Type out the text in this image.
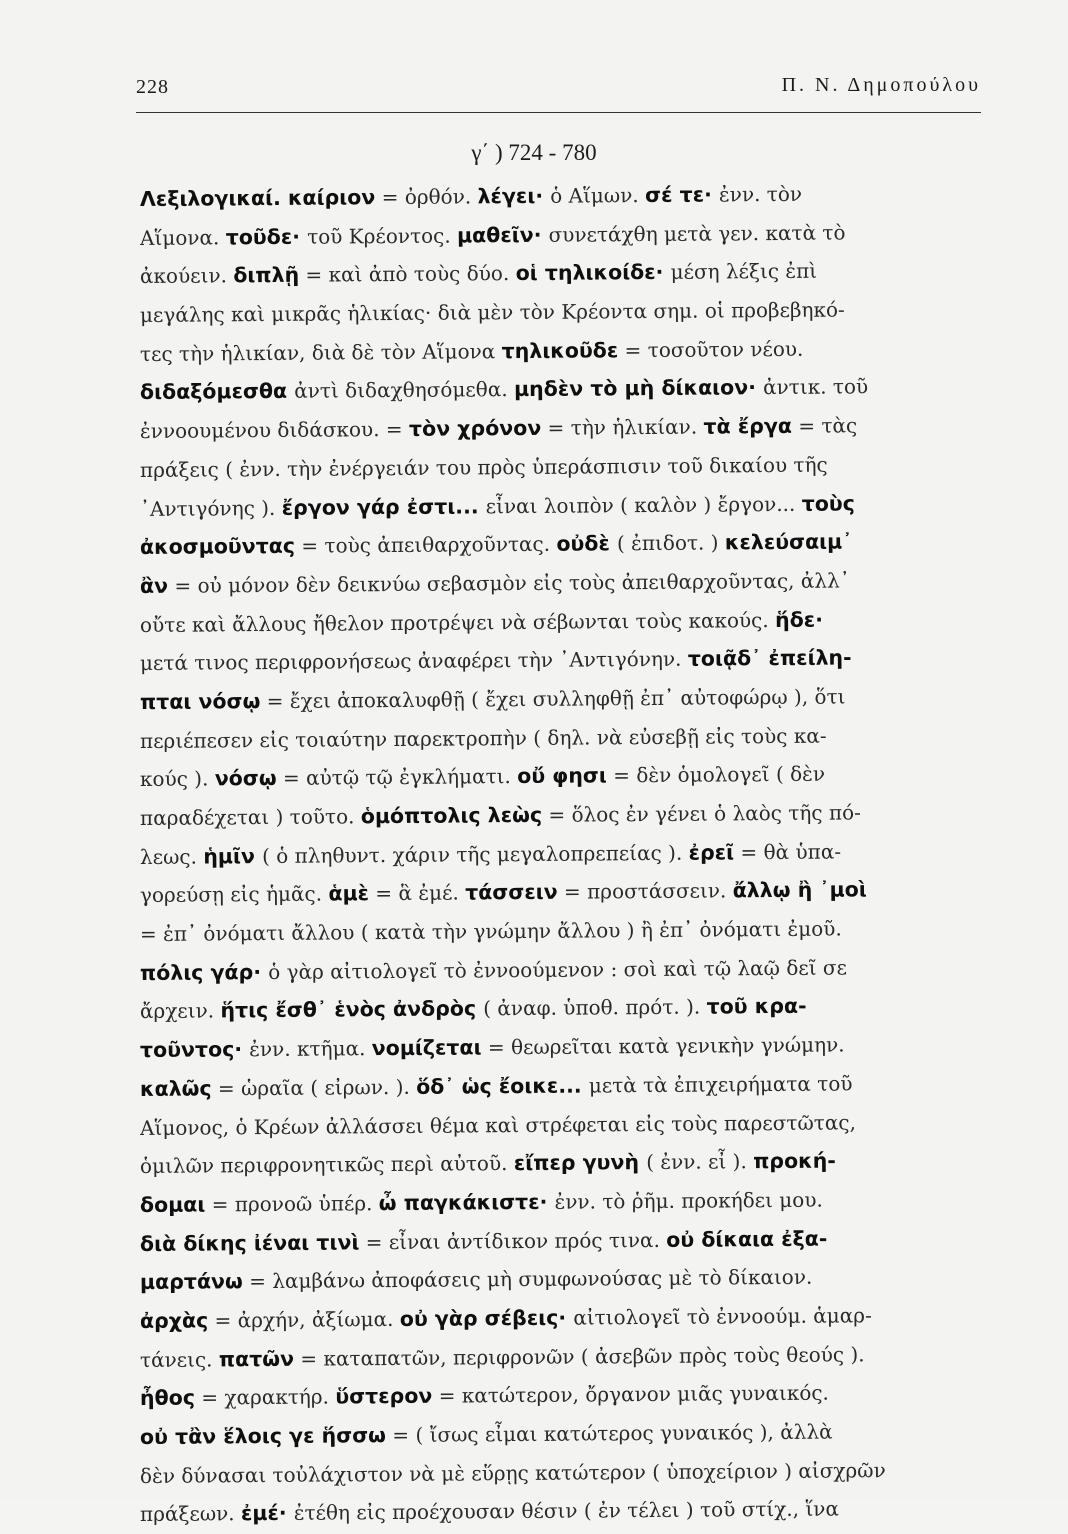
228	Π. Ν. Δημοπούλου
γ΄ ) 724 - 780
Λεξιλογικαί. καίριον = ὀρθόν. λέγει· ὁ Αἵμων. σέ τε· ἐνν. τὸν
Αἵμονα. τοῦδε· τοῦ Κρέοντος. μαθεῖν· συνετάχθη μετὰ γεν. κατὰ τὸ
ἀκούειν. διπλῇ = καὶ ἀπὸ τοὺς δύο. οἱ τηλικοίδε· μέση λέξις ἐπὶ
μεγάλης καὶ μικρᾶς ἡλικίας· διὰ μὲν τὸν Κρέοντα σημ. οἱ προβεβηκό-
τες τὴν ἡλικίαν, διὰ δὲ τὸν Αἵμονα τηλικοῦδε = τοσοῦτον νέου.
διδαξόμεσθα ἀντὶ διδαχθησόμεθα. μηδὲν τὸ μὴ δίκαιον· ἀντικ. τοῦ
ἐννοουμένου διδάσκου. = τὸν χρόνον = τὴν ἡλικίαν. τὰ ἔργα = τὰς
πράξεις ( ἐνν. τὴν ἐνέργειάν του πρὸς ὑπεράσπισιν τοῦ δικαίου τῆς
᾿Αντιγόνης ). ἔργον γάρ ἐστι... εἶναι λοιπὸν ( καλὸν ) ἔργον... τοὺς
ἀκοσμοῦντας = τοὺς ἀπειθαρχοῦντας. οὐδὲ ( ἐπιδοτ. ) κελεύσαιμ᾿
ἂν = οὐ μόνον δὲν δεικνύω σεβασμὸν εἰς τοὺς ἀπειθαρχοῦντας, ἀλλ᾿
οὔτε καὶ ἄλλους ἤθελον προτρέψει νὰ σέβωνται τοὺς κακούς. ἥδε·
μετά τινος περιφρονήσεως ἀναφέρει τὴν ᾿Αντιγόνην. τοιᾷδ᾿ ἐπείλη-
πται νόσῳ = ἔχει ἀποκαλυφθῇ ( ἔχει συλληφθῇ ἐπ᾿ αὐτοφώρῳ ), ὅτι
περιέπεσεν εἰς τοιαύτην παρεκτροπὴν ( δηλ. νὰ εὐσεβῇ εἰς τοὺς κα-
κούς ). νόσῳ = αὐτῷ τῷ ἐγκλήματι. οὔ φησι = δὲν ὁμολογεῖ ( δὲν
παραδέχεται ) τοῦτο. ὁμόπτολις λεὼς = ὅλος ἐν γένει ὁ λαὸς τῆς πό-
λεως. ἡμῖν ( ὁ πληθυντ. χάριν τῆς μεγαλοπρεπείας ). ἐρεῖ = θὰ ὑπα-
γορεύσῃ εἰς ἡμᾶς. ἁμὲ = ἃ ἐμέ. τάσσειν = προστάσσειν. ἄλλῳ ἢ ᾿μοὶ
= ἐπ᾿ ὀνόματι ἄλλου ( κατὰ τὴν γνώμην ἄλλου ) ἢ ἐπ᾿ ὀνόματι ἐμοῦ.
πόλις γάρ· ὁ γὰρ αἰτιολογεῖ τὸ ἐννοούμενον : σοὶ καὶ τῷ λαῷ δεῖ σε
ἄρχειν. ἥτις ἔσθ᾿ ἑνὸς ἀνδρὸς ( ἀναφ. ὑποθ. πρότ. ). τοῦ κρα-
τοῦντος· ἐνν. κτῆμα. νομίζεται = θεωρεῖται κατὰ γενικὴν γνώμην.
καλῶς = ὡραῖα ( εἰρων. ). ὅδ᾿ ὡς ἔοικε... μετὰ τὰ ἐπιχειρήματα τοῦ
Αἵμονος, ὁ Κρέων ἀλλάσσει θέμα καὶ στρέφεται εἰς τοὺς παρεστῶτας,
ὁμιλῶν περιφρονητικῶς περὶ αὐτοῦ. εἴπερ γυνὴ ( ἐνν. εἶ ). προκή-
δομαι = προνοῶ ὑπέρ. ὦ παγκάκιστε· ἐνν. τὸ ῥῆμ. προκήδει μου.
διὰ δίκης ἰέναι τινὶ = εἶναι ἀντίδικον πρός τινα. οὐ δίκαια ἐξα-
μαρτάνω = λαμβάνω ἀποφάσεις μὴ συμφωνούσας μὲ τὸ δίκαιον.
ἀρχὰς = ἀρχήν, ἀξίωμα. οὐ γὰρ σέβεις· αἰτιολογεῖ τὸ ἐννοούμ. ἁμαρ-
τάνεις. πατῶν = καταπατῶν, περιφρονῶν ( ἀσεβῶν πρὸς τοὺς θεούς ).
ἦθος = χαρακτήρ. ὕστερον = κατώτερον, ὄργανον μιᾶς γυναικός.
οὐ τἂν ἕλοις γε ἥσσω = ( ἴσως εἶμαι κατώτερος γυναικός ), ἀλλὰ
δὲν δύνασαι τοὐλάχιστον νὰ μὲ εὕρῃς κατώτερον ( ὑποχείριον ) αἰσχρῶν
πράξεων. ἐμέ· ἐτέθη εἰς προέχουσαν θέσιν ( ἐν τέλει ) τοῦ στίχ., ἵνα
